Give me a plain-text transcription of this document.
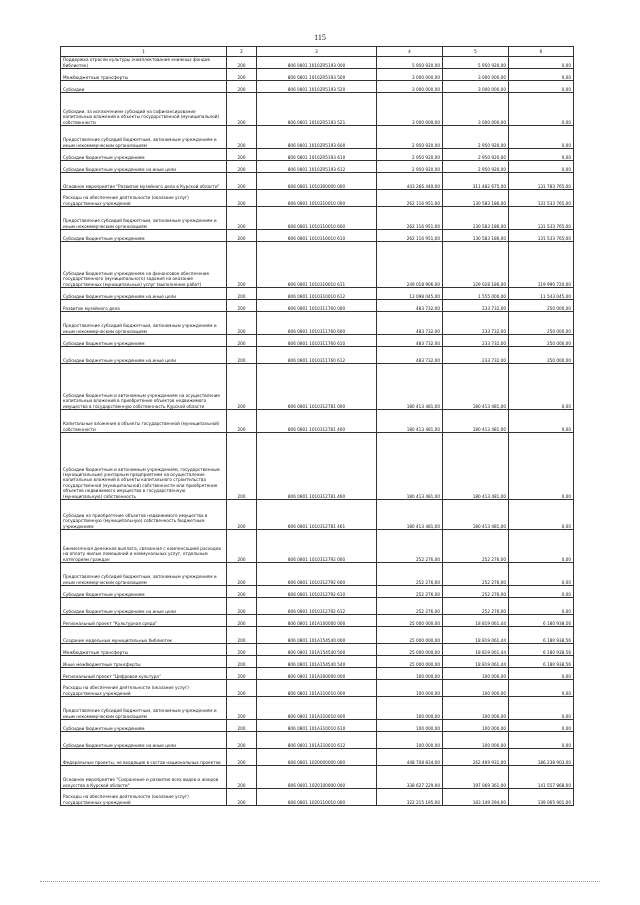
115
1	2	3	4	5	6
Поддержка отрасли культуры (комплектование книжных фондов библиотек)	200	806 0801 10102R5193 000	5 950 920,00	5 950 920,00	0,00
Межбюджетные трансферты	200	806 0801 10102R5193 500	3 000 000,00	3 000 000,00	0,00
Субсидии	200	806 0801 10102R5193 520	3 000 000,00	3 000 000,00	0,00
Субсидии, за исключением субсидий на софинансирование капитальных вложений в объекты государственной (муниципальной) собственности	200	806 0801 10102R5193 521	3 000 000,00	3 000 000,00	0,00
Предоставление субсидий бюджетным, автономным учреждениям и иным некоммерческим организациям	200	806 0801 10102R5193 600	2 950 920,00	2 950 920,00	0,00
Субсидии бюджетным учреждениям	200	806 0801 10102R5193 610	2 950 920,00	2 950 920,00	0,00
Субсидии бюджетным учреждениям на иные цели	200	806 0801 10102R5193 612	2 950 920,00	2 950 920,00	0,00
Основное мероприятие "Развитие музейного дела в Курской области"	200	806 0801 1010300000 000	443 266 440,00	311 482 675,00	131 783 765,00
Расходы на обеспечение деятельности (оказание услуг) государственных учреждений	200	806 0801 1010310010 000	262 116 951,00	130 583 186,00	131 533 765,00
Предоставление субсидий бюджетным, автономным учреждениям и иным некоммерческим организациям	200	806 0801 1010310010 600	262 116 951,00	130 583 186,00	131 533 765,00
Субсидии бюджетным учреждениям	200	806 0801 1010310010 610	262 116 951,00	130 583 186,00	131 533 765,00
Субсидии бюджетным учреждениям на финансовое обеспечение государственного (муниципального) задания на оказание государственных (муниципальных) услуг (выполнение работ)	200	806 0801 1010310010 611	249 018 906,00	129 028 186,00	119 990 720,00
Субсидии бюджетным учреждениям на иные цели	200	806 0801 1010310010 612	13 098 045,00	1 555 000,00	11 543 045,00
Развитие музейного дела	200	806 0801 1010311760 000	483 732,00	233 732,00	250 000,00
Предоставление субсидий бюджетным, автономным учреждениям и иным некоммерческим организациям	200	806 0801 1010311760 600	483 732,00	233 732,00	250 000,00
Субсидии бюджетным учреждениям	200	806 0801 1010311760 610	483 732,00	233 732,00	250 000,00
Субсидии бюджетным учреждениям на иные цели	200	806 0801 1010311760 612	483 732,00	233 732,00	250 000,00
Субсидии бюджетным и автономным учреждениям на осуществление капитальных вложений в приобретение объектов недвижимого имущества в государственную собственность Курской области	200	806 0801 1010312781 000	180 413 481,00	180 413 481,00	0,00
Капитальные вложения в объекты государственной (муниципальной) собственности	200	806 0801 1010312781 400	180 413 481,00	180 413 481,00	0,00
Субсидии бюджетным и автономным учреждениям, государственным (муниципальным) унитарным предприятиям на осуществление капитальных вложений в объекты капитального строительства государственной (муниципальной) собственности или приобретение объектов недвижимого имущества в государственную (муниципальную) собственность	200	806 0801 1010312781 460	180 413 481,00	180 413 481,00	0,00
Субсидии на приобретение объектов недвижимого имущества в государственную (муниципальную) собственность бюджетным учреждениям	200	806 0801 1010312781 461	180 413 481,00	180 413 481,00	0,00
Ежемесячная денежная выплата, связанная с компенсацией расходов на оплату жилых помещений и коммунальных услуг, отдельным категориям граждан	200	806 0801 1010312792 000	252 276,00	252 276,00	0,00
Предоставление субсидий бюджетным, автономным учреждениям и иным некоммерческим организациям	200	806 0801 1010312792 600	252 276,00	252 276,00	0,00
Субсидии бюджетным учреждениям	200	806 0801 1010312792 610	252 276,00	252 276,00	0,00
Субсидии бюджетным учреждениям на иные цели	200	806 0801 1010312792 612	252 276,00	252 276,00	0,00
Региональный проект "Культурная среда"	200	806 0801 101A100000 000	25 000 000,00	18 819 061,44	6 180 938,56
Создание модельных муниципальных библиотек	200	806 0801 101A154540 000	25 000 000,00	18 819 061,44	6 180 938,56
Межбюджетные трансферты	200	806 0801 101A154540 500	25 000 000,00	18 819 061,44	6 180 938,56
Иные межбюджетные трансферты	200	806 0801 101A154540 540	25 000 000,00	18 819 061,44	6 180 938,56
Региональный проект "Цифровая культура"	200	806 0801 101A300000 000	100 000,00	100 000,00	0,00
Расходы на обеспечение деятельности (оказание услуг) государственных учреждений	200	806 0801 101A310010 000	100 000,00	100 000,00	0,00
Предоставление субсидий бюджетным, автономным учреждениям и иным некоммерческим организациям	200	806 0801 101A310010 600	100 000,00	100 000,00	0,00
Субсидии бюджетным учреждениям	200	806 0801 101A310010 610	100 000,00	100 000,00	0,00
Субсидии бюджетным учреждениям на иные цели	200	806 0801 101A310010 612	100 000,00	100 000,00	0,00
Федеральные проекты, не входящие в состав национальных проектов	200	806 0801 1020000000 000	448 708 834,00	262 469 931,00	186 238 903,00
Основное мероприятие "Сохранение и развитие всех видов и жанров искусства в Курской области"	200	806 0801 1020100000 000	338 627 229,00	197 069 361,00	141 557 868,00
Расходы на обеспечение деятельности (оказание услуг) государственных учреждений	200	806 0801 1020110010 000	322 215 195,00	183 149 294,00	139 065 901,00
